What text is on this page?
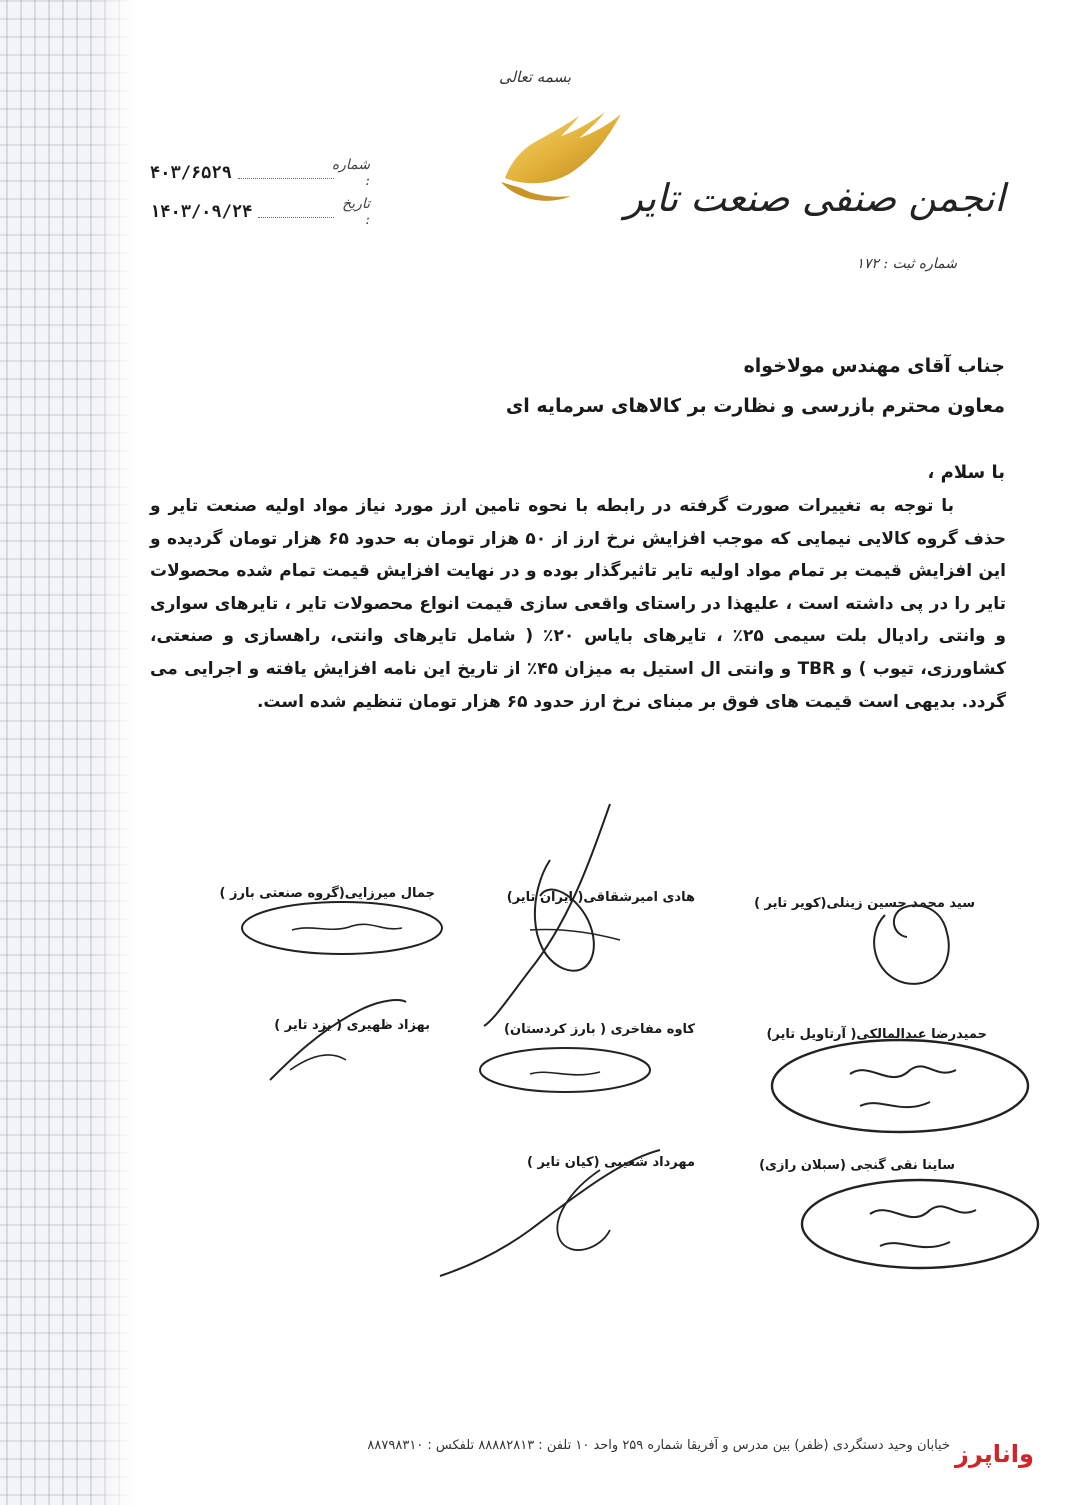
بسمه تعالی
انجمن صنفی صنعت تایر
شماره ثبت : ۱۷۲
شماره :
۴۰۳/۶۵۲۹
تاریخ :
۱۴۰۳/۰۹/۲۴
جناب آقای مهندس مولاخواه
معاون محترم بازرسی و نظارت بر کالاهای سرمایه ای
با سلام ،
با توجه به تغییرات صورت گرفته در رابطه با نحوه تامین ارز مورد نیاز مواد اولیه صنعت تایر و حذف گروه کالایی نیمایی که موجب افزایش نرخ ارز از ۵۰ هزار تومان به حدود ۶۵ هزار تومان گردیده و این افزایش قیمت بر تمام مواد اولیه تایر تاثیرگذار بوده و در نهایت افزایش قیمت تمام شده محصولات تایر را در پی داشته است ، علیهذا در راستای واقعی سازی قیمت انواع محصولات تایر ، تایرهای سواری و وانتی رادیال بلت سیمی ۲۵٪ ، تایرهای بایاس ۲۰٪ ( شامل تایرهای وانتی، راهسازی و صنعتی، کشاورزی، تیوب ) و TBR و وانتی ال استیل به میزان ۴۵٪ از تاریخ این نامه افزایش یافته و اجرایی می گردد. بدیهی است قیمت های فوق بر مبنای نرخ ارز حدود ۶۵ هزار تومان تنظیم شده است.
سید محمد حسین زینلی(کویر تایر )
هادی امیرشقاقی( ایران تایر)
جمال میرزایی(گروه صنعتی بارز )
حمیدرضا عبدالمالکی( آرتاویل تایر)
کاوه مفاخری ( بارز کردستان)
بهزاد ظهیری ( یزد تایر )
ساینا نقی گنجی (سبلان رازی)
مهرداد شعیبی (کیان تایر )
خیابان وحید دستگردی (ظفر) بین مدرس و آفریقا شماره ۲۵۹ واحد ۱۰ تلفن : ۸۸۸۸۲۸۱۳ تلفکس : ۸۸۷۹۸۳۱۰ واناپرز
